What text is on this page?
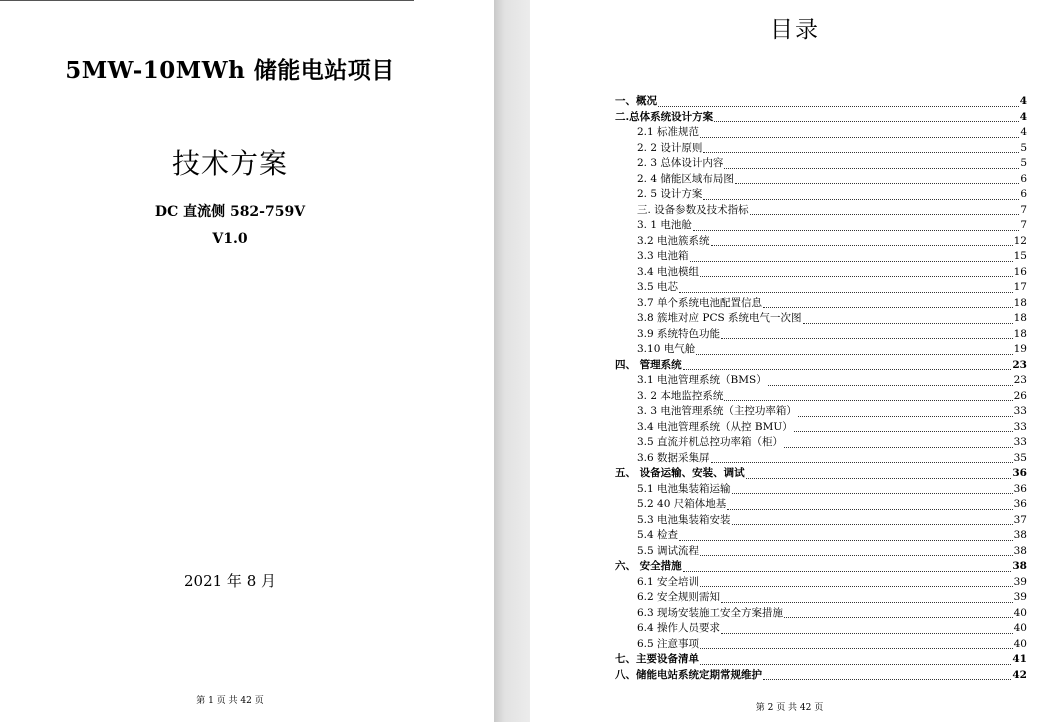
5MW-10MWh 储能电站项目
技术方案
DC 直流侧 582-759V
V1.0
2021 年 8 月
第 1 页 共 42 页
目录
一、概况	4
二.总体系统设计方案	4
2.1 标准规范	4
2. 2 设计原则	5
2. 3 总体设计内容	5
2. 4 储能区域布局图	6
2. 5 设计方案	6
三. 设备参数及技术指标	7
3. 1 电池舱	7
3.2 电池簇系统	12
3.3 电池箱	15
3.4 电池模组	16
3.5 电芯	17
3.7 单个系统电池配置信息	18
3.8 簇堆对应 PCS 系统电气一次图	18
3.9 系统特色功能	18
3.10 电气舱	19
四、 管理系统	23
3.1 电池管理系统（BMS）	23
3. 2 本地监控系统	26
3. 3 电池管理系统（主控功率箱）	33
3.4 电池管理系统（从控 BMU）	33
3.5 直流并机总控功率箱（柜）	33
3.6 数据采集屏	35
五、 设备运输、安装、调试	36
5.1 电池集装箱运输	36
5.2 40 尺箱体地基	36
5.3 电池集装箱安装	37
5.4 检查	38
5.5 调试流程	38
六、 安全措施	38
6.1 安全培训	39
6.2 安全规则需知	39
6.3 现场安装施工安全方案措施	40
6.4 操作人员要求	40
6.5 注意事项	40
七、主要设备清单	41
八、储能电站系统定期常规维护	42
第 2 页 共 42 页
